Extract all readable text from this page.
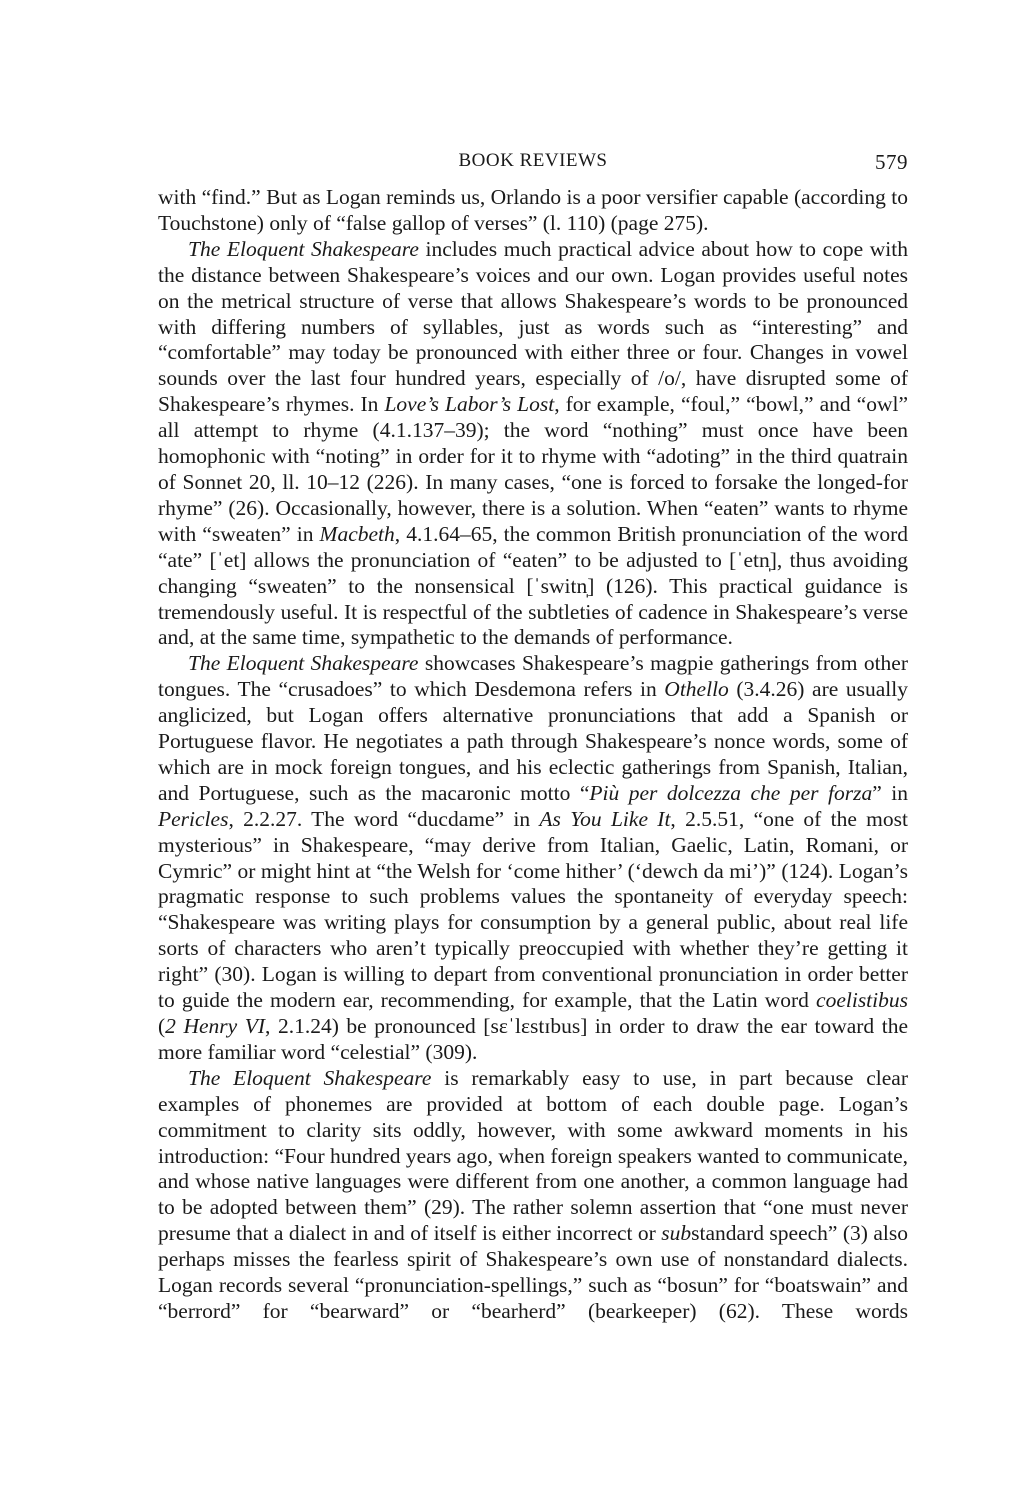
BOOK REVIEWS	579

with “find.” But as Logan reminds us, Orlando is a poor versifier capable (according to Touchstone) only of “false gallop of verses” (l. 110) (page 275).

The Eloquent Shakespeare includes much practical advice about how to cope with the distance between Shakespeare’s voices and our own. Logan provides useful notes on the metrical structure of verse that allows Shakespeare’s words to be pronounced with differing numbers of syllables, just as words such as “interesting” and “comfortable” may today be pronounced with either three or four. Changes in vowel sounds over the last four hundred years, especially of /o/, have disrupted some of Shakespeare’s rhymes. In Love’s Labor’s Lost, for example, “foul,” “bowl,” and “owl” all attempt to rhyme (4.1.137–39); the word “nothing” must once have been homophonic with “noting” in order for it to rhyme with “adoting” in the third quatrain of Sonnet 20, ll. 10–12 (226). In many cases, “one is forced to forsake the longed-for rhyme” (26). Occasionally, however, there is a solution. When “eaten” wants to rhyme with “sweaten” in Macbeth, 4.1.64–65, the common British pronunciation of the word “ate” [ˈet] allows the pronunciation of “eaten” to be adjusted to [ˈetn̩], thus avoiding changing “sweaten” to the nonsensical [ˈswitn̩] (126). This practical guidance is tremendously useful. It is respectful of the subtleties of cadence in Shakespeare’s verse and, at the same time, sympathetic to the demands of performance.

The Eloquent Shakespeare showcases Shakespeare’s magpie gatherings from other tongues. The “crusadoes” to which Desdemona refers in Othello (3.4.26) are usually anglicized, but Logan offers alternative pronunciations that add a Spanish or Portuguese flavor. He negotiates a path through Shakespeare’s nonce words, some of which are in mock foreign tongues, and his eclectic gatherings from Spanish, Italian, and Portuguese, such as the macaronic motto “Più per dolcezza che per forza” in Pericles, 2.2.27. The word “ducdame” in As You Like It, 2.5.51, “one of the most mysterious” in Shakespeare, “may derive from Italian, Gaelic, Latin, Romani, or Cymric” or might hint at “the Welsh for ‘come hither’ (‘dewch da mi’)” (124). Logan’s pragmatic response to such problems values the spontaneity of everyday speech: “Shakespeare was writing plays for consumption by a general public, about real life sorts of characters who aren’t typically preoccupied with whether they’re getting it right” (30). Logan is willing to depart from conventional pronunciation in order better to guide the modern ear, recommending, for example, that the Latin word coelistibus (2 Henry VI, 2.1.24) be pronounced [sɛˈlɛstɪbus] in order to draw the ear toward the more familiar word “celestial” (309).

The Eloquent Shakespeare is remarkably easy to use, in part because clear examples of phonemes are provided at bottom of each double page. Logan’s commitment to clarity sits oddly, however, with some awkward moments in his introduction: “Four hundred years ago, when foreign speakers wanted to communicate, and whose native languages were different from one another, a common language had to be adopted between them” (29). The rather solemn assertion that “one must never presume that a dialect in and of itself is either incorrect or substandard speech” (3) also perhaps misses the fearless spirit of Shakespeare’s own use of nonstandard dialects. Logan records several “pronunciation-spellings,” such as “bosun” for “boatswain” and “berrord” for “bearward” or “bearherd” (bearkeeper) (62). These words
